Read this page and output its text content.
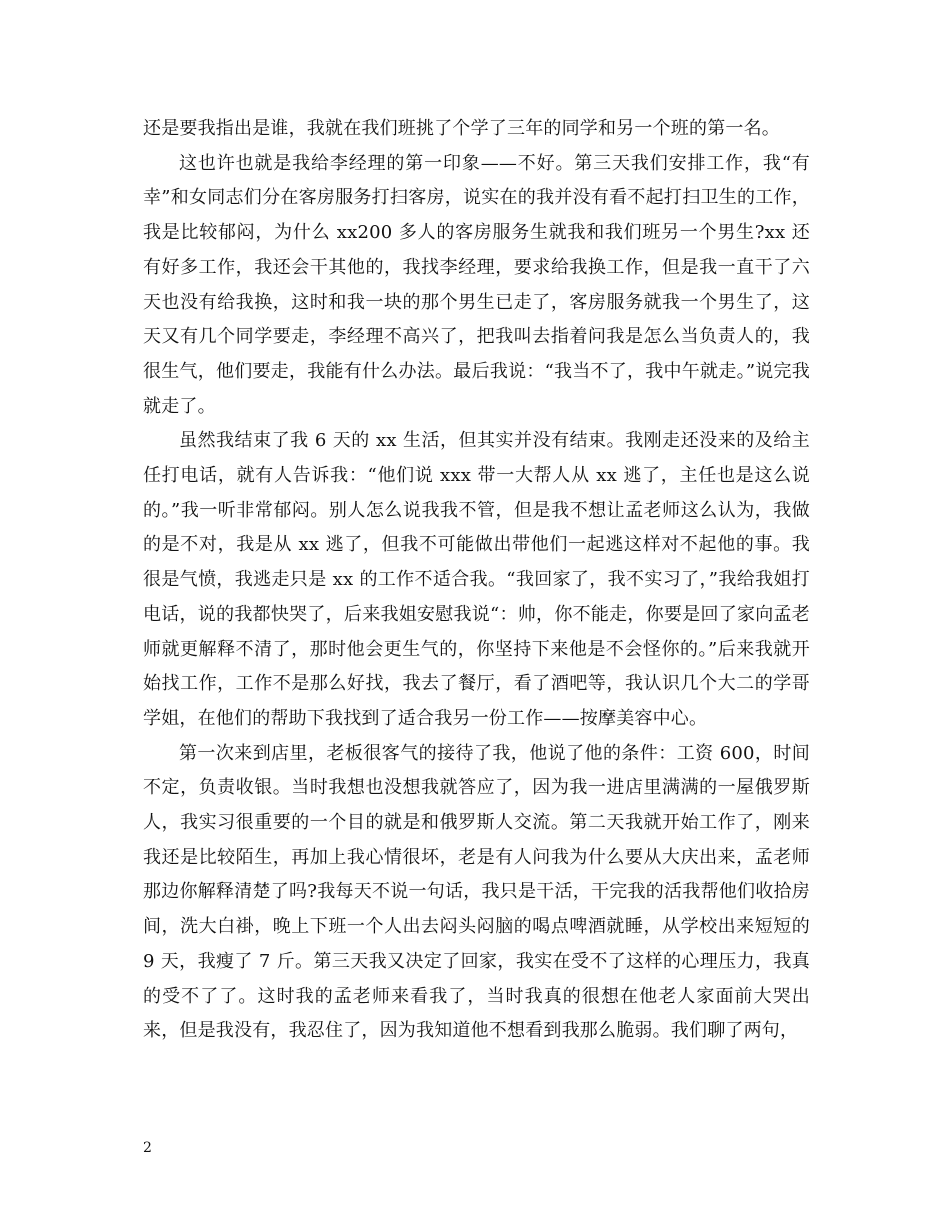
还是要我指出是谁，我就在我们班挑了个学了三年的同学和另一个班的第一名。

这也许也就是我给李经理的第一印象——不好。第三天我们安排工作，我“有幸”和女同志们分在客房服务打扫客房，说实在的我并没有看不起打扫卫生的工作，我是比较郁闷，为什么 xx200 多人的客房服务生就我和我们班另一个男生?xx 还有好多工作，我还会干其他的，我找李经理，要求给我换工作，但是我一直干了六天也没有给我换，这时和我一块的那个男生已走了，客房服务就我一个男生了，这天又有几个同学要走，李经理不高兴了，把我叫去指着问我是怎么当负责人的，我很生气，他们要走，我能有什么办法。最后我说：“我当不了，我中午就走。”说完我就走了。

虽然我结束了我 6 天的 xx 生活，但其实并没有结束。我刚走还没来的及给主任打电话，就有人告诉我：“他们说 xxx 带一大帮人从 xx 逃了，主任也是这么说的。”我一听非常郁闷。别人怎么说我我不管，但是我不想让孟老师这么认为，我做的是不对，我是从 xx 逃了，但我不可能做出带他们一起逃这样对不起他的事。我很是气愤，我逃走只是 xx 的工作不适合我。“我回家了，我不实习了，”我给我姐打电话，说的我都快哭了，后来我姐安慰我说“：帅，你不能走，你要是回了家向孟老师就更解释不清了，那时他会更生气的，你坚持下来他是不会怪你的。”后来我就开始找工作，工作不是那么好找，我去了餐厅，看了酒吧等，我认识几个大二的学哥学姐，在他们的帮助下我找到了适合我另一份工作——按摩美容中心。

第一次来到店里，老板很客气的接待了我，他说了他的条件：工资 600，时间不定，负责收银。当时我想也没想我就答应了，因为我一进店里满满的一屋俄罗斯人，我实习很重要的一个目的就是和俄罗斯人交流。第二天我就开始工作了，刚来我还是比较陌生，再加上我心情很坏，老是有人问我为什么要从大庆出来，孟老师那边你解释清楚了吗?我每天不说一句话，我只是干活，干完我的活我帮他们收拾房间，洗大白褂，晚上下班一个人出去闷头闷脑的喝点啤酒就睡，从学校出来短短的 9 天，我瘦了 7 斤。第三天我又决定了回家，我实在受不了这样的心理压力，我真的受不了了。这时我的孟老师来看我了，当时我真的很想在他老人家面前大哭出来，但是我没有，我忍住了，因为我知道他不想看到我那么脆弱。我们聊了两句，

2
